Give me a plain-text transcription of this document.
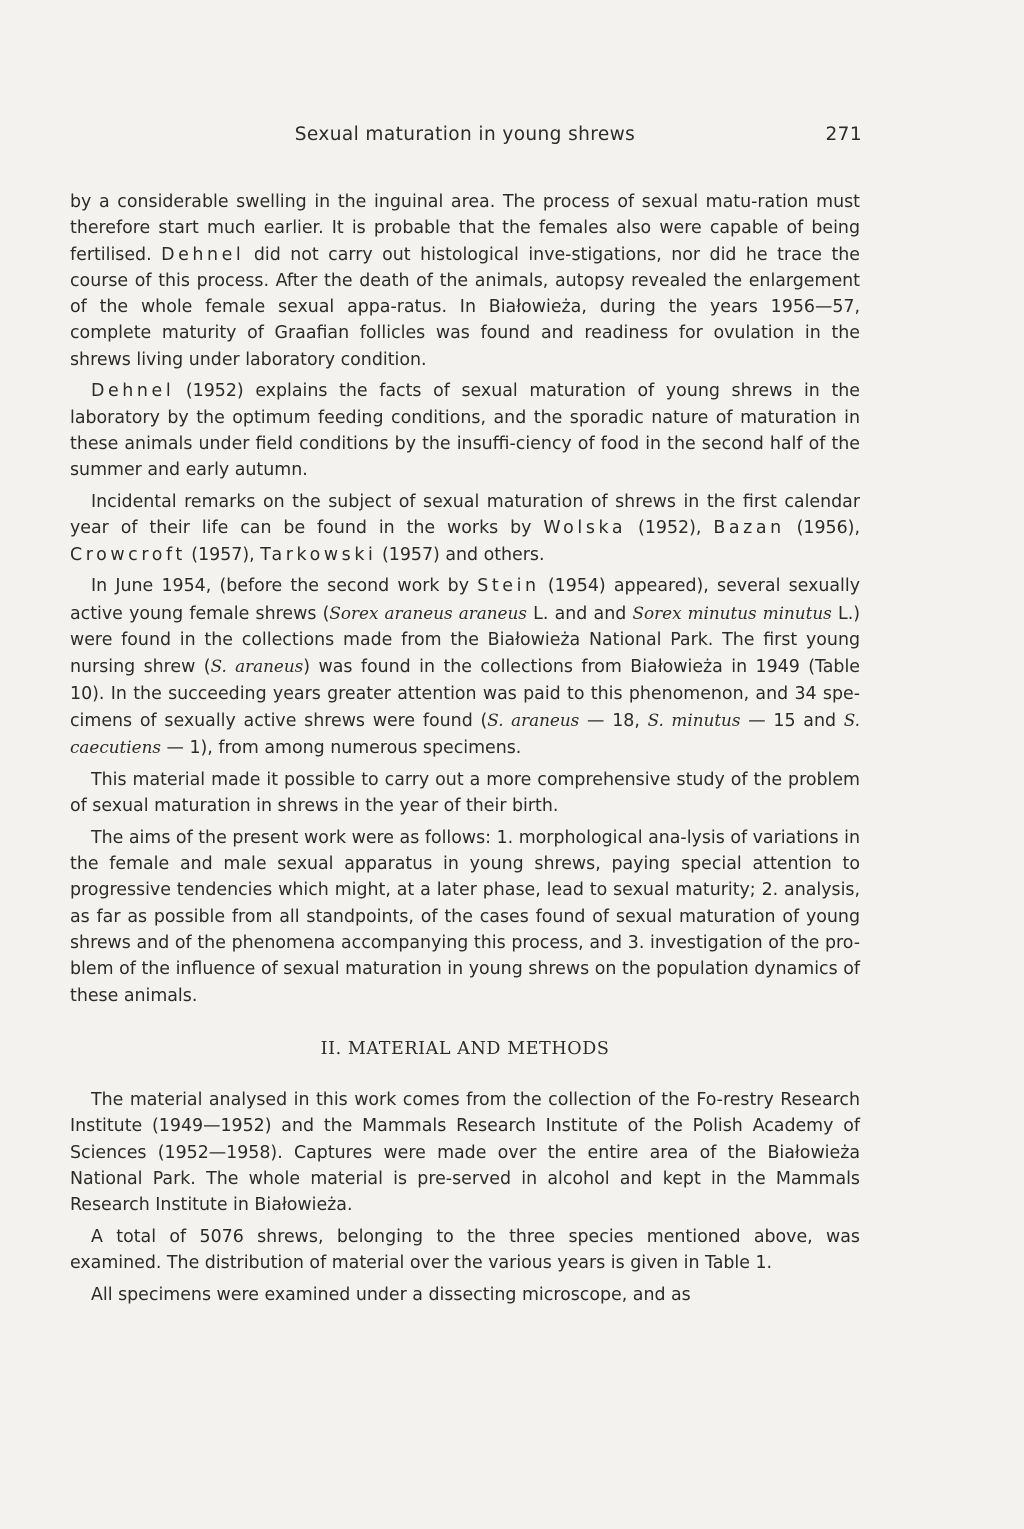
Sexual maturation in young shrews	271

by a considerable swelling in the inguinal area. The process of sexual matu-ration must therefore start much earlier. It is probable that the females also were capable of being fertilised. Dehnel did not carry out histological inve-stigations, nor did he trace the course of this process. After the death of the animals, autopsy revealed the enlargement of the whole female sexual appa-ratus. In Białowieża, during the years 1956—57, complete maturity of Graafian follicles was found and readiness for ovulation in the shrews living under laboratory condition.

Dehnel (1952) explains the facts of sexual maturation of young shrews in the laboratory by the optimum feeding conditions, and the sporadic nature of maturation in these animals under field conditions by the insuffi-ciency of food in the second half of the summer and early autumn.

Incidental remarks on the subject of sexual maturation of shrews in the first calendar year of their life can be found in the works by Wolska (1952), Bazan (1956), Crowcroft (1957), Tarkowski (1957) and others.

In June 1954, (before the second work by Stein (1954) appeared), several sexually active young female shrews (Sorex araneus araneus L. and and Sorex minutus minutus L.) were found in the collections made from the Białowieża National Park. The first young nursing shrew (S. araneus) was found in the collections from Białowieża in 1949 (Table 10). In the succeeding years greater attention was paid to this phenomenon, and 34 spe-cimens of sexually active shrews were found (S. araneus — 18, S. minutus — 15 and S. caecutiens — 1), from among numerous specimens.

This material made it possible to carry out a more comprehensive study of the problem of sexual maturation in shrews in the year of their birth.

The aims of the present work were as follows: 1. morphological ana-lysis of variations in the female and male sexual apparatus in young shrews, paying special attention to progressive tendencies which might, at a later phase, lead to sexual maturity; 2. analysis, as far as possible from all standpoints, of the cases found of sexual maturation of young shrews and of the phenomena accompanying this process, and 3. investigation of the pro-blem of the influence of sexual maturation in young shrews on the population dynamics of these animals.

II. MATERIAL AND METHODS

The material analysed in this work comes from the collection of the Fo-restry Research Institute (1949—1952) and the Mammals Research Institute of the Polish Academy of Sciences (1952—1958). Captures were made over the entire area of the Białowieża National Park. The whole material is pre-served in alcohol and kept in the Mammals Research Institute in Białowieża.

A total of 5076 shrews, belonging to the three species mentioned above, was examined. The distribution of material over the various years is given in Table 1.

All specimens were examined under a dissecting microscope, and as
